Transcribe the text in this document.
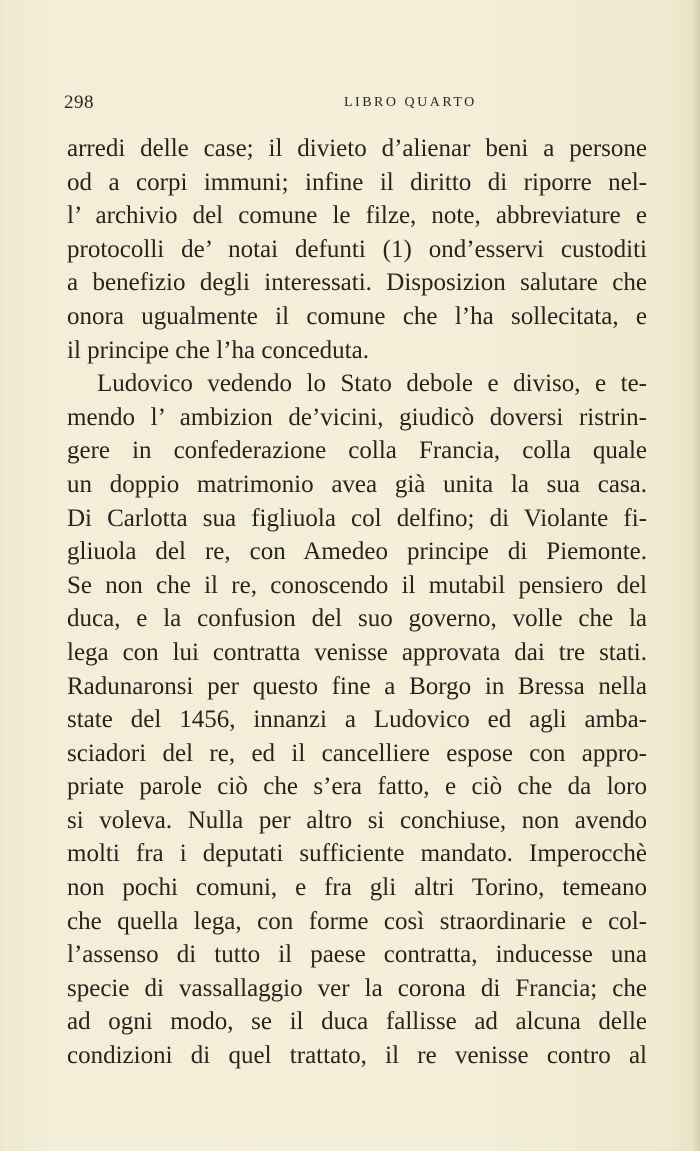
298	LIBRO QUARTO
arredi delle case; il divieto d’alienar beni a persone
od a corpi immuni; infine il diritto di riporre nel-
l’ archivio del comune le filze, note, abbreviature e
protocolli de’ notai defunti (1) ond’esservi custoditi
a benefizio degli interessati. Disposizion salutare che
onora ugualmente il comune che l’ha sollecitata, e
il principe che l’ha conceduta.
Ludovico vedendo lo Stato debole e diviso, e te-
mendo l’ ambizion de’vicini, giudicò doversi ristrin-
gere in confederazione colla Francia, colla quale
un doppio matrimonio avea già unita la sua casa.
Di Carlotta sua figliuola col delfino; di Violante fi-
gliuola del re, con Amedeo principe di Piemonte.
Se non che il re, conoscendo il mutabil pensiero del
duca, e la confusion del suo governo, volle che la
lega con lui contratta venisse approvata dai tre stati.
Radunaronsi per questo fine a Borgo in Bressa nella
state del 1456, innanzi a Ludovico ed agli amba-
sciadori del re, ed il cancelliere espose con appro-
priate parole ciò che s’era fatto, e ciò che da loro
si voleva. Nulla per altro si conchiuse, non avendo
molti fra i deputati sufficiente mandato. Imperocchè
non pochi comuni, e fra gli altri Torino, temeano
che quella lega, con forme così straordinarie e col-
l’assenso di tutto il paese contratta, inducesse una
specie di vassallaggio ver la corona di Francia; che
ad ogni modo, se il duca fallisse ad alcuna delle
condizioni di quel trattato, il re venisse contro al
